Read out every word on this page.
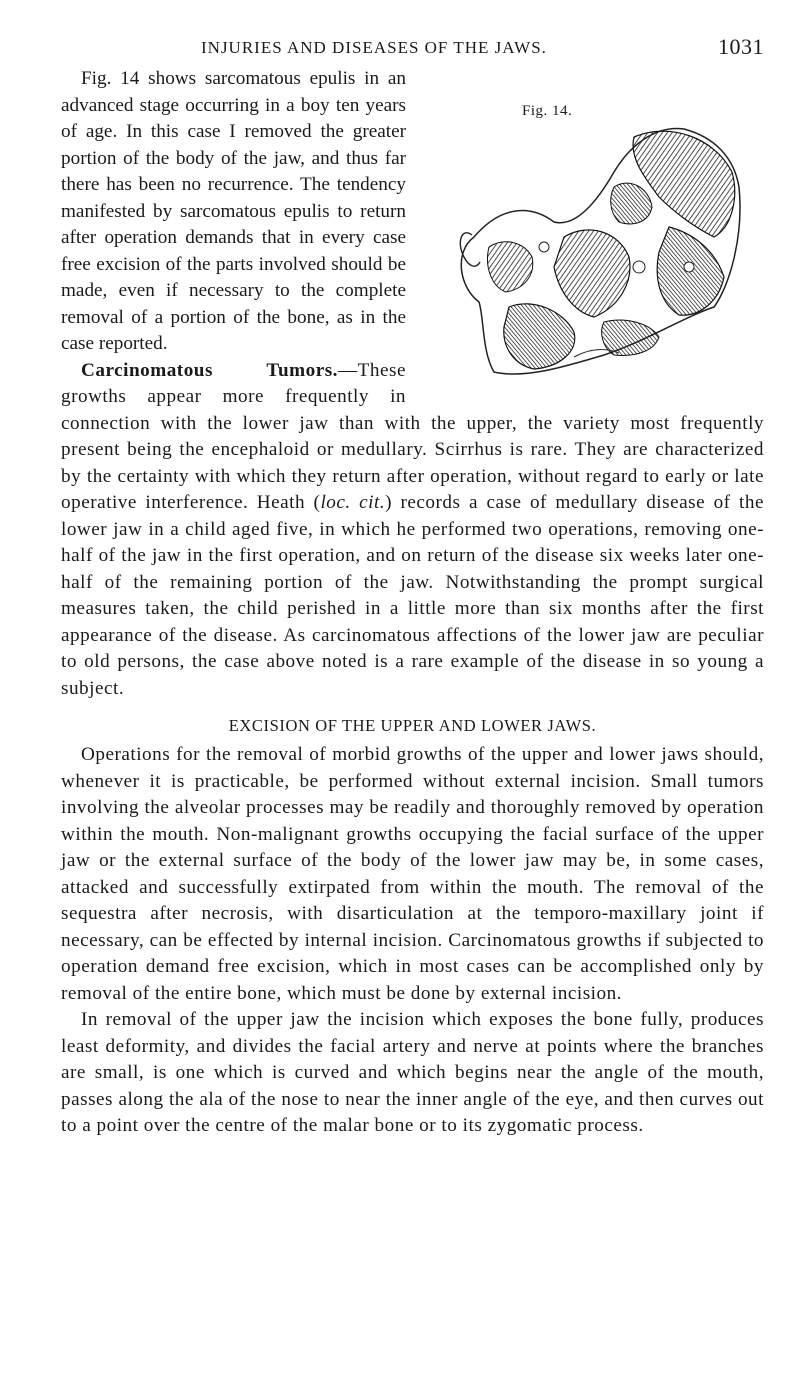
INJURIES AND DISEASES OF THE JAWS.	1031
Fig. 14.

Fig. 14 shows sarcomatous epulis in an advanced stage occurring in a boy ten years of age. In this case I removed the greater portion of the body of the jaw, and thus far there has been no recurrence. The tendency manifested by sarcomatous epulis to return after operation demands that in every case free excision of the parts involved should be made, even if necessary to the complete removal of a portion of the bone, as in the case reported.

Carcinomatous Tumors.—These growths appear more frequently in connection with the lower jaw than with the upper, the variety most frequently present being the encephaloid or medullary. Scirrhus is rare. They are characterized by the certainty with which they return after operation, without regard to early or late operative interference. Heath (loc. cit.) records a case of medullary disease of the lower jaw in a child aged five, in which he performed two operations, removing one-half of the jaw in the first operation, and on return of the disease six weeks later one-half of the remaining portion of the jaw. Notwithstanding the prompt surgical measures taken, the child perished in a little more than six months after the first appearance of the disease. As carcinomatous affections of the lower jaw are peculiar to old persons, the case above noted is a rare example of the disease in so young a subject.

EXCISION OF THE UPPER AND LOWER JAWS.

Operations for the removal of morbid growths of the upper and lower jaws should, whenever it is practicable, be performed without external incision. Small tumors involving the alveolar processes may be readily and thoroughly removed by operation within the mouth. Non-malignant growths occupying the facial surface of the upper jaw or the external surface of the body of the lower jaw may be, in some cases, attacked and successfully extirpated from within the mouth. The removal of the sequestra after necrosis, with disarticulation at the temporo-maxillary joint if necessary, can be effected by internal incision. Carcinomatous growths if subjected to operation demand free excision, which in most cases can be accomplished only by removal of the entire bone, which must be done by external incision.

In removal of the upper jaw the incision which exposes the bone fully, produces least deformity, and divides the facial artery and nerve at points where the branches are small, is one which is curved and which begins near the angle of the mouth, passes along the ala of the nose to near the inner angle of the eye, and then curves out to a point over the centre of the malar bone or to its zygomatic process.
